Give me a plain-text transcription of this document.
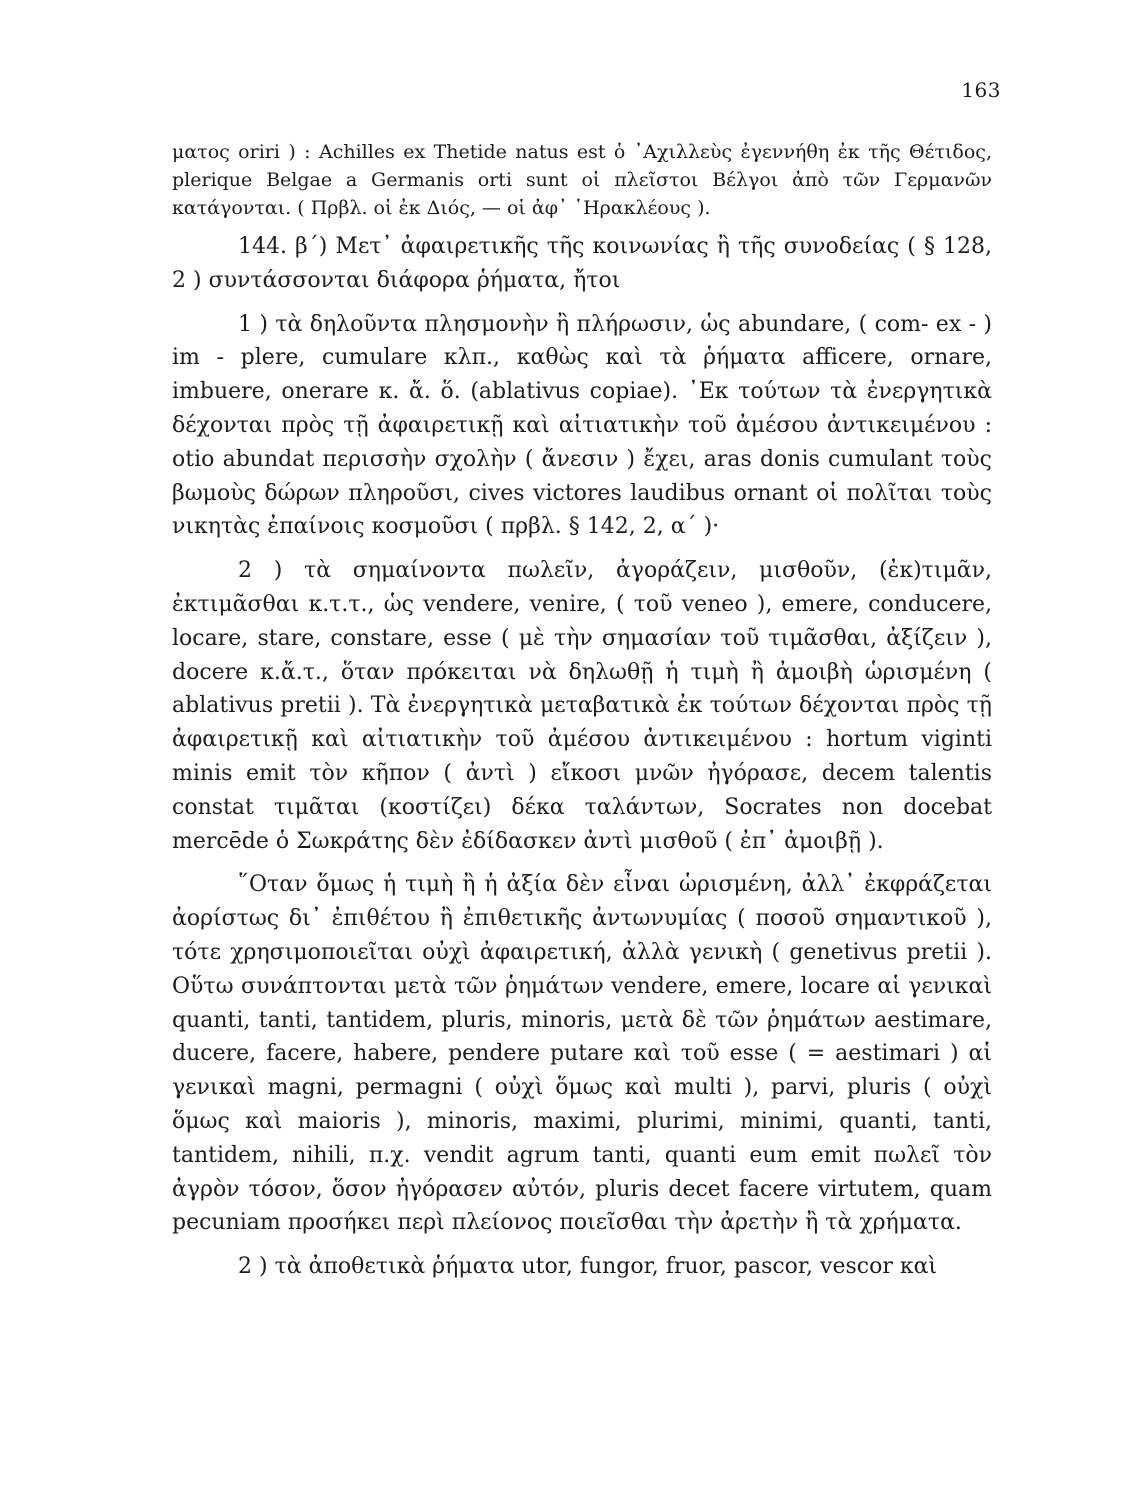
163

ματος oriri ) : Achilles ex Thetide natus est ὁ ᾿Αχιλλεὺς ἐγεννήθη ἐκ τῆς Θέτιδος, plerique Belgae a Germanis orti sunt οἱ πλεῖστοι Βέλγοι ἀπὸ τῶν Γερμανῶν κατάγονται. ( Πρβλ. οἱ ἐκ Διός, — οἱ ἀφ᾿ ῾Ηρακλέους ).

144. β΄) Μετ᾿ ἀφαιρετικῆς τῆς κοινωνίας ἢ τῆς συνοδείας ( § 128, 2 ) συντάσσονται διάφορα ῥήματα, ἤτοι

1 ) τὰ δηλοῦντα πλησμονὴν ἢ πλήρωσιν, ὡς abundare, ( com- ex - ) im - plere, cumulare κλπ., καθὼς καὶ τὰ ῥήματα afficere, ornare, imbuere, onerare κ. ἄ. ὅ. (ablativus copiae). ᾿Εκ τούτων τὰ ἐνεργητικὰ δέχονται πρὸς τῇ ἀφαιρετικῇ καὶ αἰτιατικὴν τοῦ ἀμέσου ἀντικειμένου : otio abundat περισσὴν σχολὴν ( ἄνεσιν ) ἔχει, aras donis cumulant τοὺς βωμοὺς δώρων πληροῦσι, cives victores laudibus ornant οἱ πολῖται τοὺς νικητὰς ἐπαίνοις κοσμοῦσι ( πρβλ. § 142, 2, α΄ )·

2 ) τὰ σημαίνοντα πωλεῖν, ἀγοράζειν, μισθοῦν, (ἐκ)τιμᾶν, ἐκτιμᾶσθαι κ.τ.τ., ὡς vendere, venire, ( τοῦ veneo ), emere, conducere, locare, stare, constare, esse ( μὲ τὴν σημασίαν τοῦ τιμᾶσθαι, ἀξίζειν ), docere κ.ἄ.τ., ὅταν πρόκειται νὰ δηλωθῇ ἡ τιμὴ ἢ ἀμοιβὴ ὡρισμένη ( ablativus pretii ). Τὰ ἐνεργητικὰ μεταβατικὰ ἐκ τούτων δέχονται πρὸς τῇ ἀφαιρετικῇ καὶ αἰτιατικὴν τοῦ ἀμέσου ἀντικειμένου : hortum viginti minis emit τὸν κῆπον ( ἀντὶ ) εἴκοσι μνῶν ἠγόρασε, decem talentis constat τιμᾶται (κοστίζει) δέκα ταλάντων, Socrates non docebat mercēde ὁ Σωκράτης δὲν ἐδίδασκεν ἀντὶ μισθοῦ ( ἐπ᾿ ἀμοιβῇ ).

῞Οταν ὅμως ἡ τιμὴ ἢ ἡ ἀξία δὲν εἶναι ὡρισμένη, ἀλλ᾿ ἐκφράζεται ἀορίστως δι᾿ ἐπιθέτου ἢ ἐπιθετικῆς ἀντωνυμίας ( ποσοῦ σημαντικοῦ ), τότε χρησιμοποιεῖται οὐχὶ ἀφαιρετική, ἀλλὰ γενικὴ ( genetivus pretii ). Οὕτω συνάπτονται μετὰ τῶν ῥημάτων vendere, emere, locare αἱ γενικαὶ quanti, tanti, tantidem, pluris, minoris, μετὰ δὲ τῶν ῥημάτων aestimare, ducere, facere, habere, pendere putare καὶ τοῦ esse ( = aestimari ) αἱ γενικαὶ magni, permagni ( οὐχὶ ὅμως καὶ multi ), parvi, pluris ( οὐχὶ ὅμως καὶ maioris ), minoris, maximi, plurimi, minimi, quanti, tanti, tantidem, nihili, π.χ. vendit agrum tanti, quanti eum emit πωλεῖ τὸν ἀγρὸν τόσον, ὅσον ἠγόρασεν αὐτόν, pluris decet facere virtutem, quam pecuniam προσήκει περὶ πλείονος ποιεῖσθαι τὴν ἀρετὴν ἢ τὰ χρήματα.

2 ) τὰ ἀποθετικὰ ῥήματα utor, fungor, fruor, pascor, vescor καὶ
